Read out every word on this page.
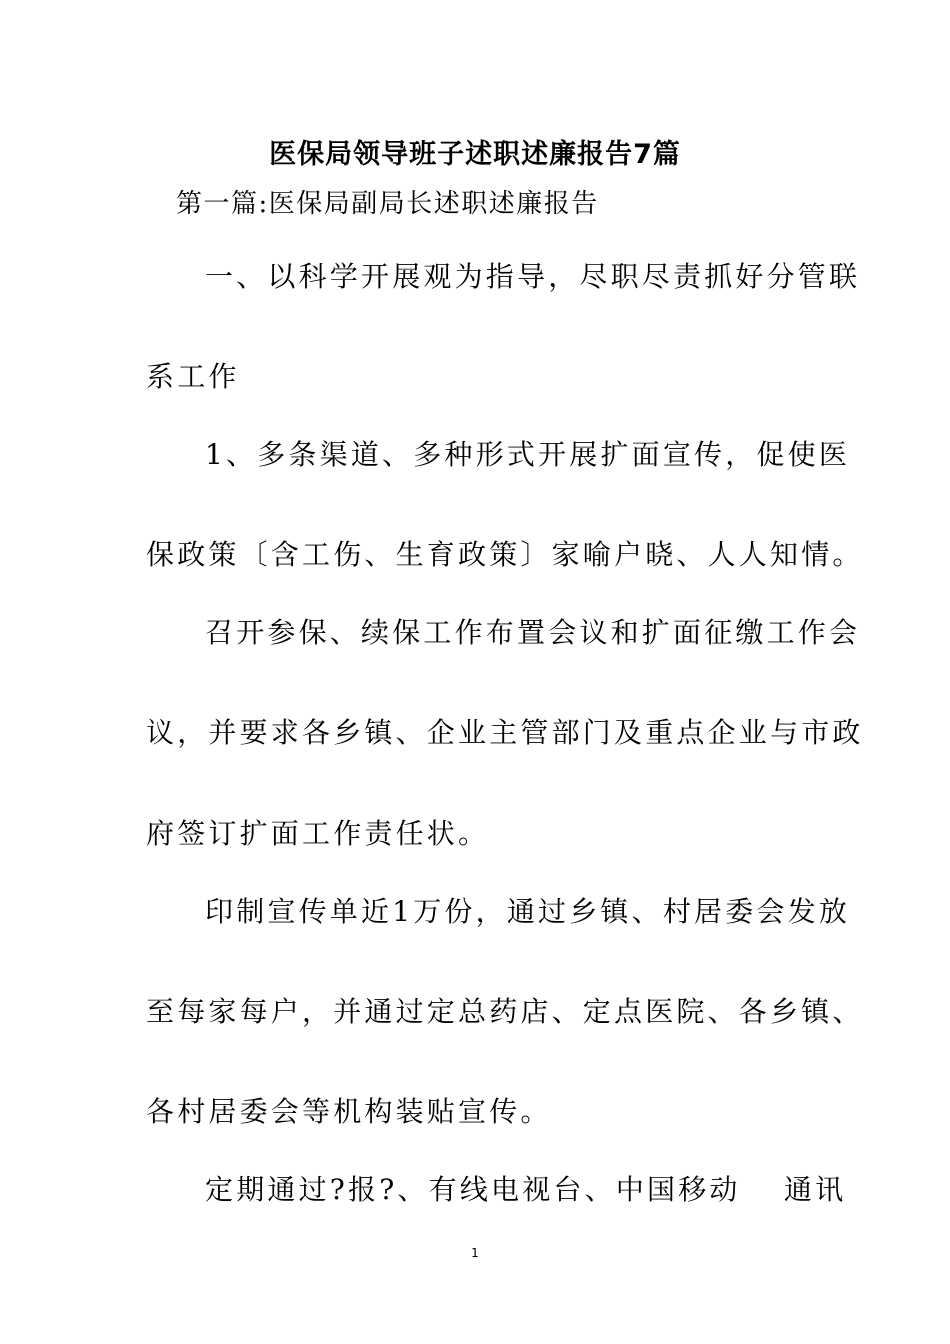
医保局领导班子述职述廉报告7篇
第一篇:医保局副局长述职述廉报告
一、以科学开展观为指导，尽职尽责抓好分管联
系工作
1、多条渠道、多种形式开展扩面宣传，促使医
保政策〔含工伤、生育政策〕家喻户晓、人人知情。
召开参保、续保工作布置会议和扩面征缴工作会
议，并要求各乡镇、企业主管部门及重点企业与市政
府签订扩面工作责任状。
印制宣传单近1万份，通过乡镇、村居委会发放
至每家每户，并通过定总药店、定点医院、各乡镇、
各村居委会等机构装贴宣传。
定期通过?报?、有线电视台、中国移动　 通讯
1
